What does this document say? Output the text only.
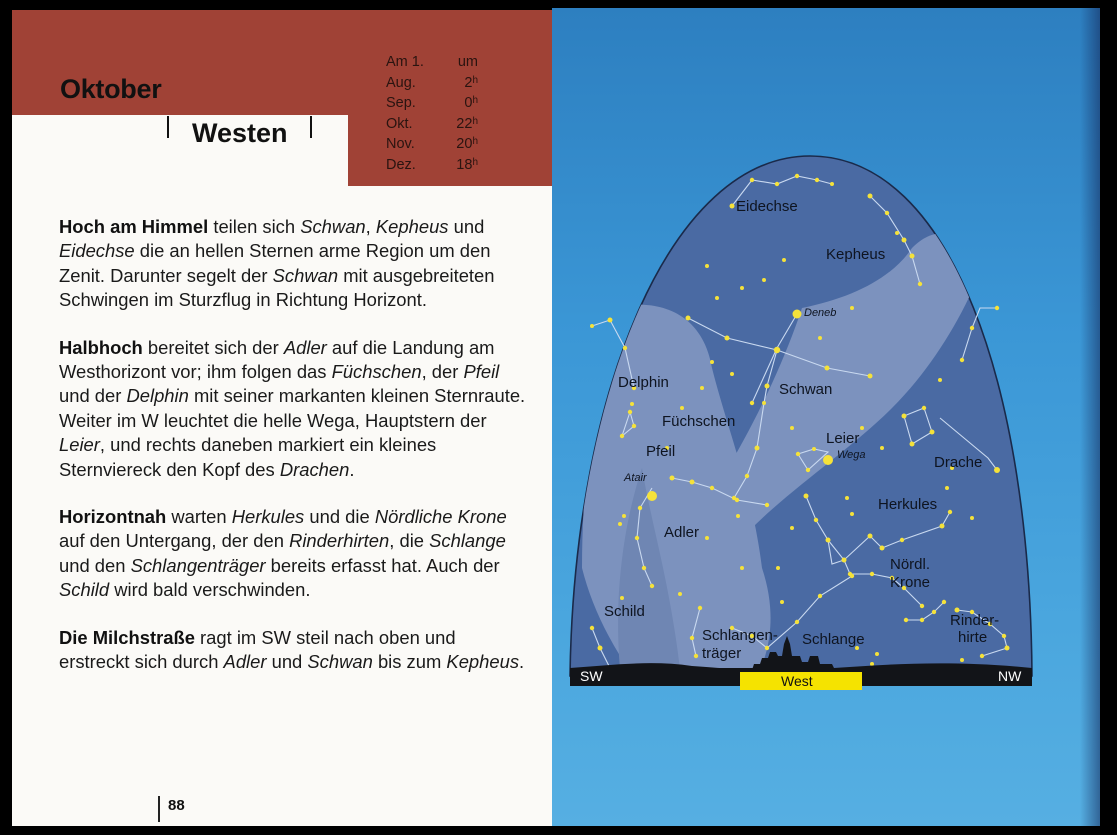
Oktober
Westen
Am 1. um
Aug.	2$^h$
Sep.	0$^h$
Okt.	22$^h$
Nov.	20$^h$
Dez.	18$^h$

Hoch am Himmel teilen sich Schwan, Kepheus und Eidechse die an hellen Sternen arme Region um den Zenit. Darunter segelt der Schwan mit ausgebreiteten Schwingen im Sturzflug in Richtung Horizont.

Halbhoch bereitet sich der Adler auf die Landung am Westhorizont vor; ihm folgen das Füchschen, der Pfeil und der Delphin mit seiner markanten kleinen Sternraute. Weiter im W leuchtet die helle Wega, Hauptstern der Leier, und rechts daneben markiert ein kleines Sternviereck den Kopf des Drachen.

Horizontnah warten Herkules und die Nördliche Krone auf den Untergang, der den Rinderhirten, die Schlange und den Schlangenträger bereits erfasst hat. Auch der Schild wird bald verschwinden.

Die Milchstraße ragt im SW steil nach oben und erstreckt sich durch Adler und Schwan bis zum Kepheus.

88
Eidechse
Kepheus
Delphin	Schwan
Füchschen
Pfeil
Leier
Drache
Herkules
Adler
Nördl.
Krone
Schild
Schlangen-
träger
Schlange
Rinder-
hirte
Deneb
Wega
Atair
SW	West	NW
